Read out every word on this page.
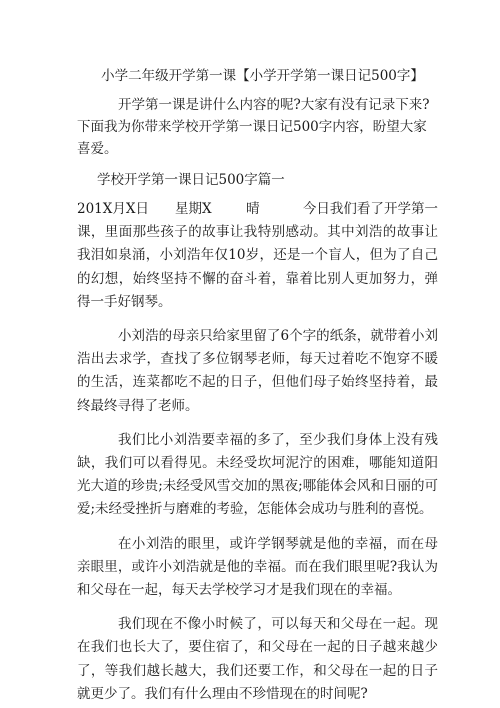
小学二年级开学第一课【小学开学第一课日记500字】

开学第一课是讲什么内容的呢?大家有没有记录下来?下面我为你带来学校开学第一课日记500字内容，盼望大家喜爱。

学校开学第一课日记500字篇一

201X月X日 星期X	晴	今日我们看了开学第一课，里面那些孩子的故事让我特别感动。其中刘浩的故事让我泪如泉涌，小刘浩年仅10岁，还是一个盲人，但为了自己的幻想，始终坚持不懈的奋斗着，靠着比别人更加努力，弹得一手好钢琴。

小刘浩的母亲只给家里留了6个字的纸条，就带着小刘浩出去求学，查找了多位钢琴老师，每天过着吃不饱穿不暖的生活，连菜都吃不起的日子，但他们母子始终坚持着，最终最终寻得了老师。

我们比小刘浩要幸福的多了，至少我们身体上没有残缺，我们可以看得见。未经受坎坷泥泞的困难，哪能知道阳光大道的珍贵;未经受风雪交加的黑夜;哪能体会风和日丽的可爱;未经受挫折与磨难的考验，怎能体会成功与胜利的喜悦。

在小刘浩的眼里，或许学钢琴就是他的幸福，而在母亲眼里，或许小刘浩就是他的幸福。而在我们眼里呢?我认为和父母在一起，每天去学校学习才是我们现在的幸福。

我们现在不像小时候了，可以每天和父母在一起。现在我们也长大了，要住宿了，和父母在一起的日子越来越少了，等我们越长越大，我们还要工作，和父母在一起的日子就更少了。我们有什么理由不珍惜现在的时间呢?
